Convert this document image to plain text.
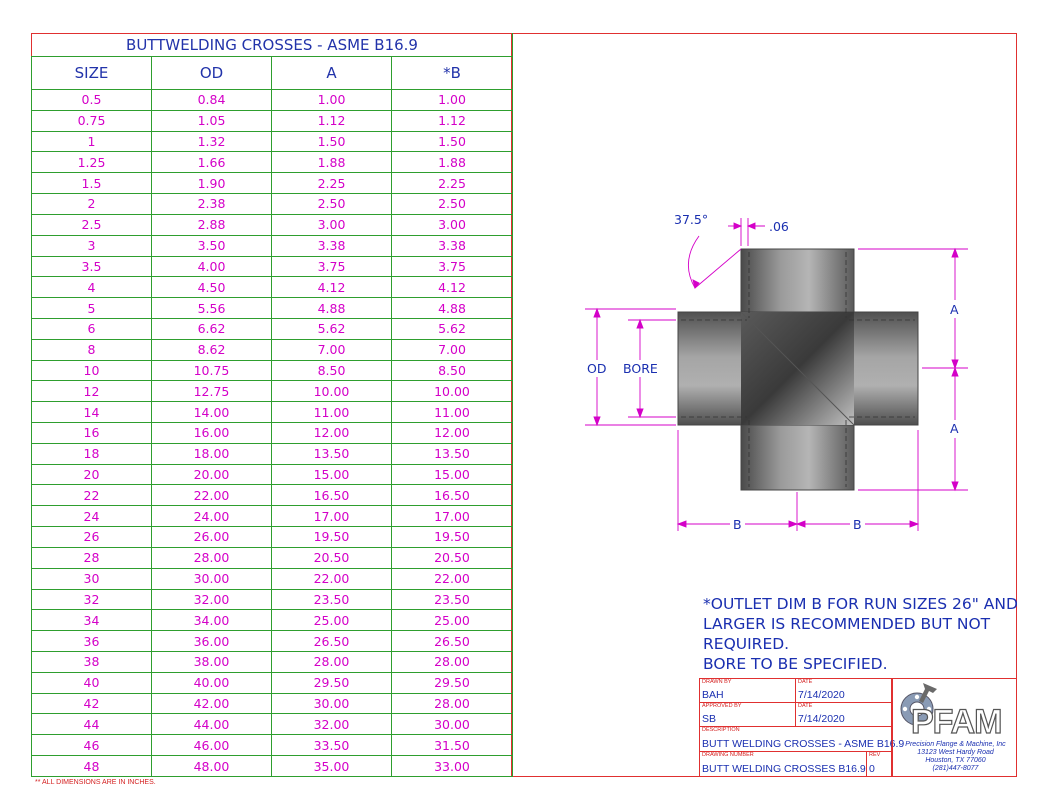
BUTTWELDING CROSSES - ASME B16.9			
SIZE	OD	A	*B
0.5	0.84	1.00	1.00
0.75	1.05	1.12	1.12
1	1.32	1.50	1.50
1.25	1.66	1.88	1.88
1.5	1.90	2.25	2.25
2	2.38	2.50	2.50
2.5	2.88	3.00	3.00
3	3.50	3.38	3.38
3.5	4.00	3.75	3.75
4	4.50	4.12	4.12
5	5.56	4.88	4.88
6	6.62	5.62	5.62
8	8.62	7.00	7.00
10	10.75	8.50	8.50
12	12.75	10.00	10.00
14	14.00	11.00	11.00
16	16.00	12.00	12.00
18	18.00	13.50	13.50
20	20.00	15.00	15.00
22	22.00	16.50	16.50
24	24.00	17.00	17.00
26	26.00	19.50	19.50
28	28.00	20.50	20.50
30	30.00	22.00	22.00
32	32.00	23.50	23.50
34	34.00	25.00	25.00
36	36.00	26.50	26.50
38	38.00	28.00	28.00
40	40.00	29.50	29.50
42	42.00	30.00	28.00
44	44.00	32.00	30.00
46	46.00	33.50	31.50
48	48.00	35.00	33.00
** ALL DIMENSIONS ARE IN INCHES.
37.5°	.06
OD BORE
A
A
B	B
*OUTLET DIM B FOR RUN SIZES 26" AND
LARGER IS RECOMMENDED BUT NOT
REQUIRED.
BORE TO BE SPECIFIED.
DRAWN BY
BAH
DATE
7/14/2020
APPROVED BY
SB
DATE
7/14/2020
DESCRIPTION
BUTT WELDING CROSSES - ASME B16.9
DRAWING NUMBER
BUTT WELDING CROSSES B16.9
REV
0
PFAM
Precision Flange & Machine, Inc
13123 West Hardy Road
Houston, TX 77060
(281)447-8077
